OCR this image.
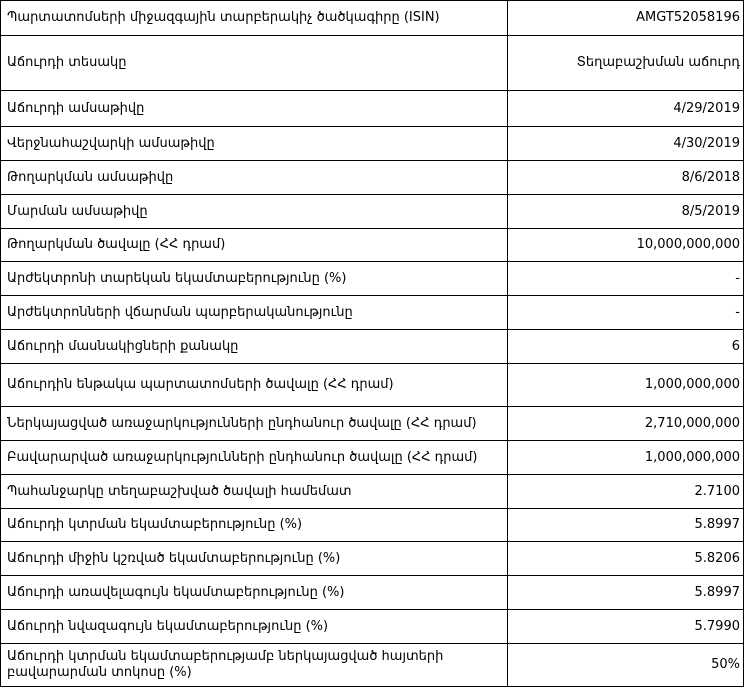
Պարտատոմսերի միջազգային տարբերակիչ ծածկագիրը (ISIN)	AMGT52058196
Աճուրդի տեսակը	Տեղաբաշխման աճուրդ
Աճուրդի ամսաթիվը	4/29/2019
Վերջնահաշվարկի ամսաթիվը	4/30/2019
Թողարկման ամսաթիվը	8/6/2018
Մարման ամսաթիվը	8/5/2019
Թողարկման ծավալը (ՀՀ դրամ)	10,000,000,000
Արժեկտրոնի տարեկան եկամտաբերությունը (%)	-
Արժեկտրոնների վճարման պարբերականությունը	-
Աճուրդի մասնակիցների քանակը	6
Աճուրդին ենթակա պարտատոմսերի ծավալը (ՀՀ դրամ)	1,000,000,000
Ներկայացված առաջարկությունների ընդհանուր ծավալը (ՀՀ դրամ)	2,710,000,000
Բավարարված առաջարկությունների ընդհանուր ծավալը (ՀՀ դրամ)	1,000,000,000
Պահանջարկը տեղաբաշխված ծավալի համեմատ	2.7100
Աճուրդի կտրման եկամտաբերությունը (%)	5.8997
Աճուրդի միջին կշռված եկամտաբերությունը (%)	5.8206
Աճուրդի առավելագույն եկամտաբերությունը (%)	5.8997
Աճուրդի նվազագույն եկամտաբերությունը (%)	5.7990
Աճուրդի կտրման եկամտաբերությամբ ներկայացված հայտերի բավարարման տոկոսը (%)	50%
